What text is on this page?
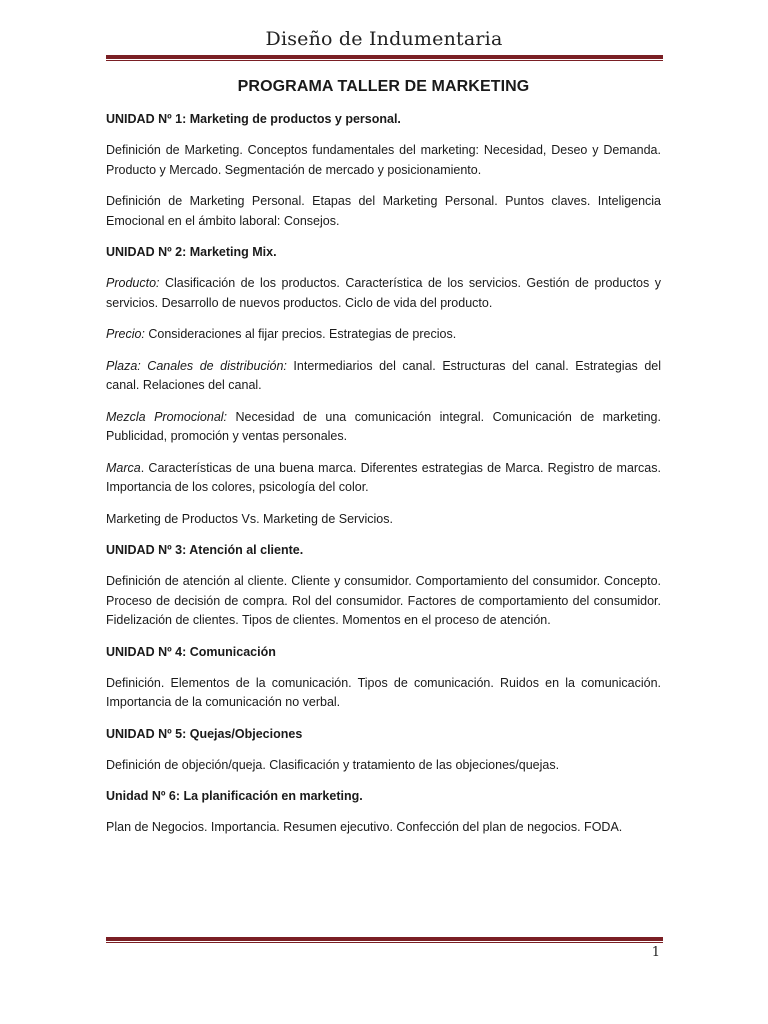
Diseño de Indumentaria
PROGRAMA TALLER DE MARKETING
UNIDAD Nº 1: Marketing de productos y personal.

Definición de Marketing. Conceptos fundamentales del marketing: Necesidad, Deseo y Demanda. Producto y Mercado. Segmentación de mercado y posicionamiento.

Definición de Marketing Personal. Etapas del Marketing Personal. Puntos claves. Inteligencia Emocional en el ámbito laboral: Consejos.

UNIDAD Nº 2: Marketing Mix.

Producto: Clasificación de los productos. Característica de los servicios. Gestión de productos y servicios. Desarrollo de nuevos productos. Ciclo de vida del producto.

Precio: Consideraciones al fijar precios. Estrategias de precios.

Plaza: Canales de distribución: Intermediarios del canal. Estructuras del canal. Estrategias del canal. Relaciones del canal.

Mezcla Promocional: Necesidad de una comunicación integral. Comunicación de marketing. Publicidad, promoción y ventas personales.

Marca. Características de una buena marca. Diferentes estrategias de Marca. Registro de marcas. Importancia de los colores, psicología del color.

Marketing de Productos Vs. Marketing de Servicios.

UNIDAD Nº 3: Atención al cliente.

Definición de atención al cliente. Cliente y consumidor. Comportamiento del consumidor. Concepto. Proceso de decisión de compra. Rol del consumidor. Factores de comportamiento del consumidor. Fidelización de clientes. Tipos de clientes. Momentos en el proceso de atención.

UNIDAD Nº 4: Comunicación

Definición. Elementos de la comunicación. Tipos de comunicación. Ruidos en la comunicación. Importancia de la comunicación no verbal.

UNIDAD Nº 5: Quejas/Objeciones

Definición de objeción/queja. Clasificación y tratamiento de las objeciones/quejas.

Unidad Nº 6: La planificación en marketing.

Plan de Negocios. Importancia. Resumen ejecutivo. Confección del plan de negocios. FODA.

1
